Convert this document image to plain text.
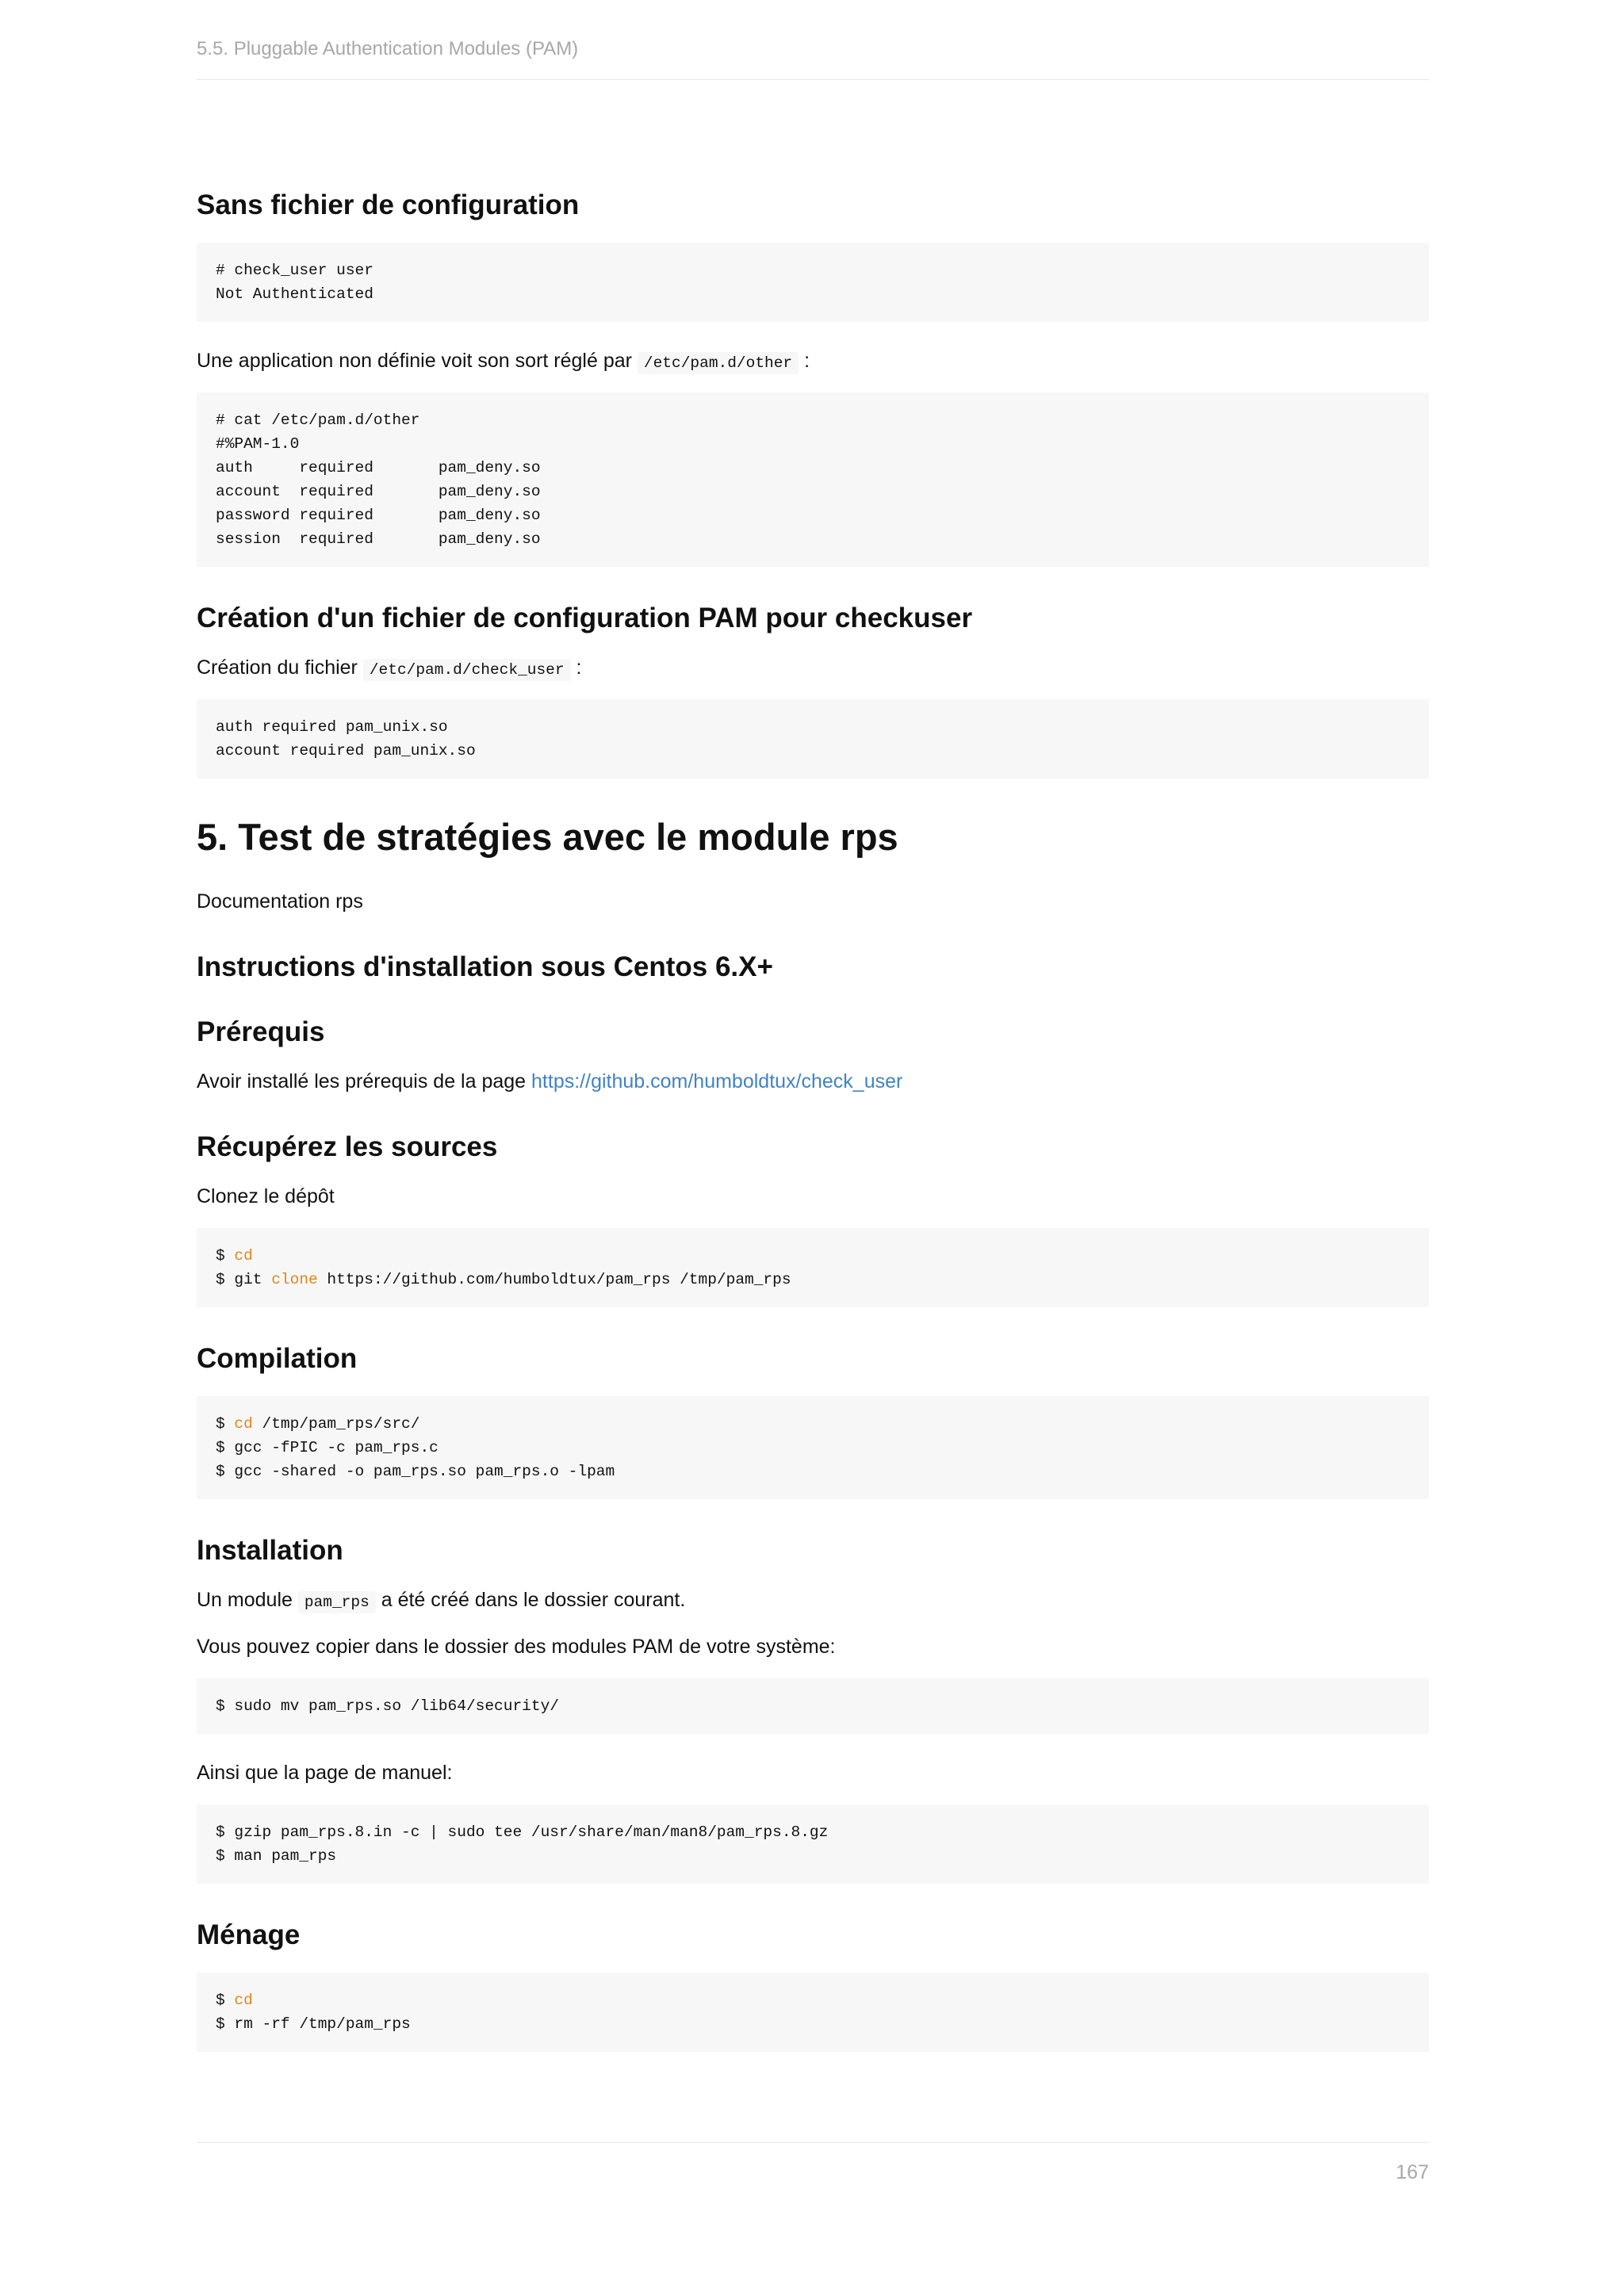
5.5. Pluggable Authentication Modules (PAM)
Sans fichier de configuration
# check_user user
Not Authenticated

Une application non définie voit son sort réglé par /etc/pam.d/other :

# cat /etc/pam.d/other
#%PAM-1.0
auth     required       pam_deny.so
account  required       pam_deny.so
password required       pam_deny.so
session  required       pam_deny.so
Création d'un fichier de configuration PAM pour checkuser

Création du fichier /etc/pam.d/check_user :

auth required pam_unix.so
account required pam_unix.so
5. Test de stratégies avec le module rps

Documentation rps

Instructions d'installation sous Centos 6.X+
Prérequis

Avoir installé les prérequis de la page https://github.com/humboldtux/check_user

Récupérez les sources

Clonez le dépôt

$ cd
$ git clone https://github.com/humboldtux/pam_rps /tmp/pam_rps
Compilation
$ cd /tmp/pam_rps/src/
$ gcc -fPIC -c pam_rps.c
$ gcc -shared -o pam_rps.so pam_rps.o -lpam
Installation

Un module pam_rps a été créé dans le dossier courant.

Vous pouvez copier dans le dossier des modules PAM de votre système:

$ sudo mv pam_rps.so /lib64/security/

Ainsi que la page de manuel:

$ gzip pam_rps.8.in -c | sudo tee /usr/share/man/man8/pam_rps.8.gz
$ man pam_rps
Ménage
$ cd
$ rm -rf /tmp/pam_rps
167
